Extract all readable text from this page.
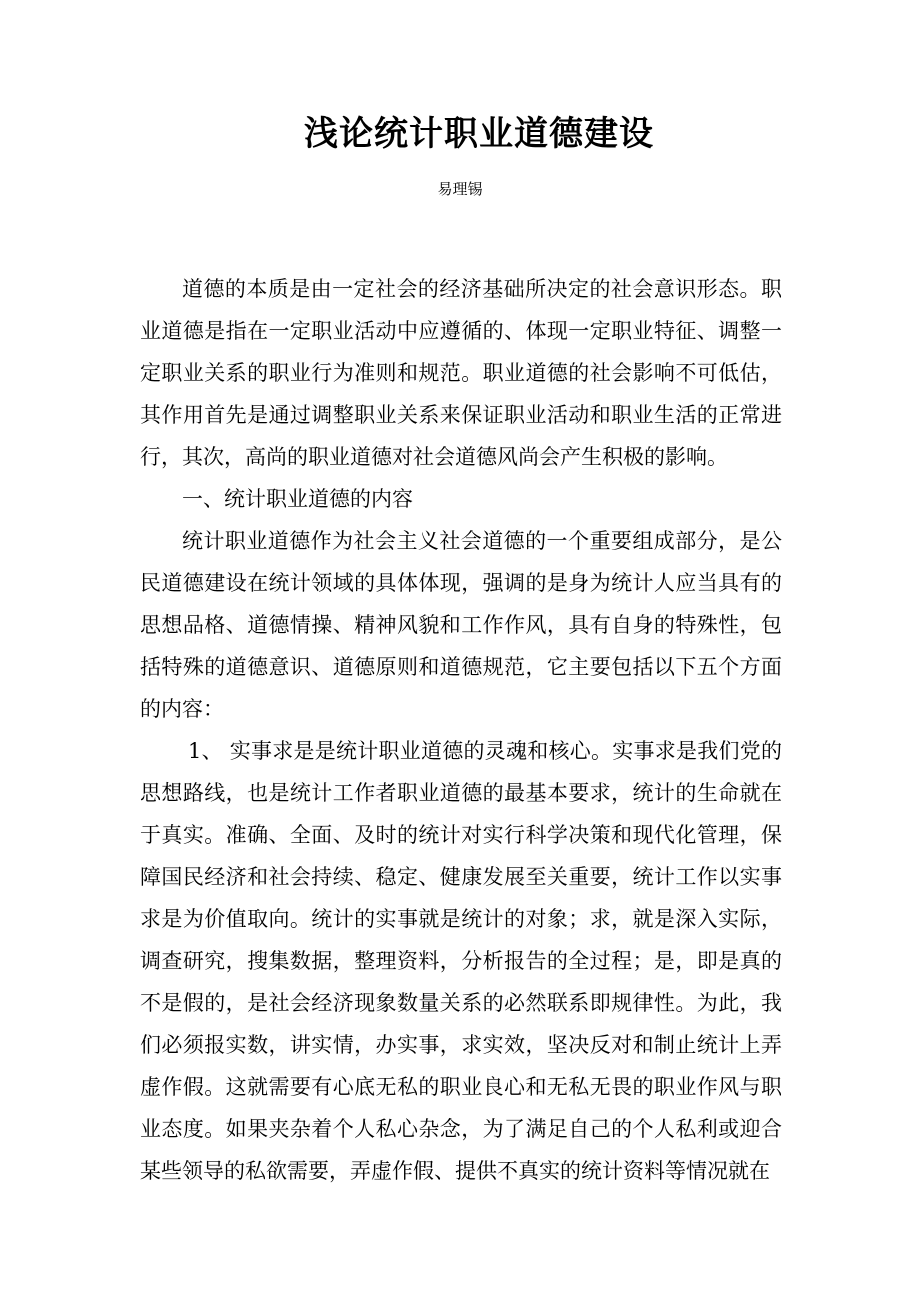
浅论统计职业道德建设

易理锡

道德的本质是由一定社会的经济基础所决定的社会意识形态。职业道德是指在一定职业活动中应遵循的、体现一定职业特征、调整一定职业关系的职业行为准则和规范。职业道德的社会影响不可低估，其作用首先是通过调整职业关系来保证职业活动和职业生活的正常进行，其次，高尚的职业道德对社会道德风尚会产生积极的影响。

一、统计职业道德的内容

统计职业道德作为社会主义社会道德的一个重要组成部分，是公民道德建设在统计领域的具体体现，强调的是身为统计人应当具有的思想品格、道德情操、精神风貌和工作作风，具有自身的特殊性，包括特殊的道德意识、道德原则和道德规范，它主要包括以下五个方面的内容：

1、 实事求是是统计职业道德的灵魂和核心。实事求是我们党的思想路线，也是统计工作者职业道德的最基本要求，统计的生命就在于真实。准确、全面、及时的统计对实行科学决策和现代化管理，保障国民经济和社会持续、稳定、健康发展至关重要，统计工作以实事求是为价值取向。统计的实事就是统计的对象；求，就是深入实际，调查研究，搜集数据，整理资料，分析报告的全过程；是，即是真的不是假的，是社会经济现象数量关系的必然联系即规律性。为此，我们必须报实数，讲实情，办实事，求实效，坚决反对和制止统计上弄虚作假。这就需要有心底无私的职业良心和无私无畏的职业作风与职业态度。如果夹杂着个人私心杂念，为了满足自己的个人私利或迎合某些领导的私欲需要，弄虚作假、提供不真实的统计资料等情况就在
